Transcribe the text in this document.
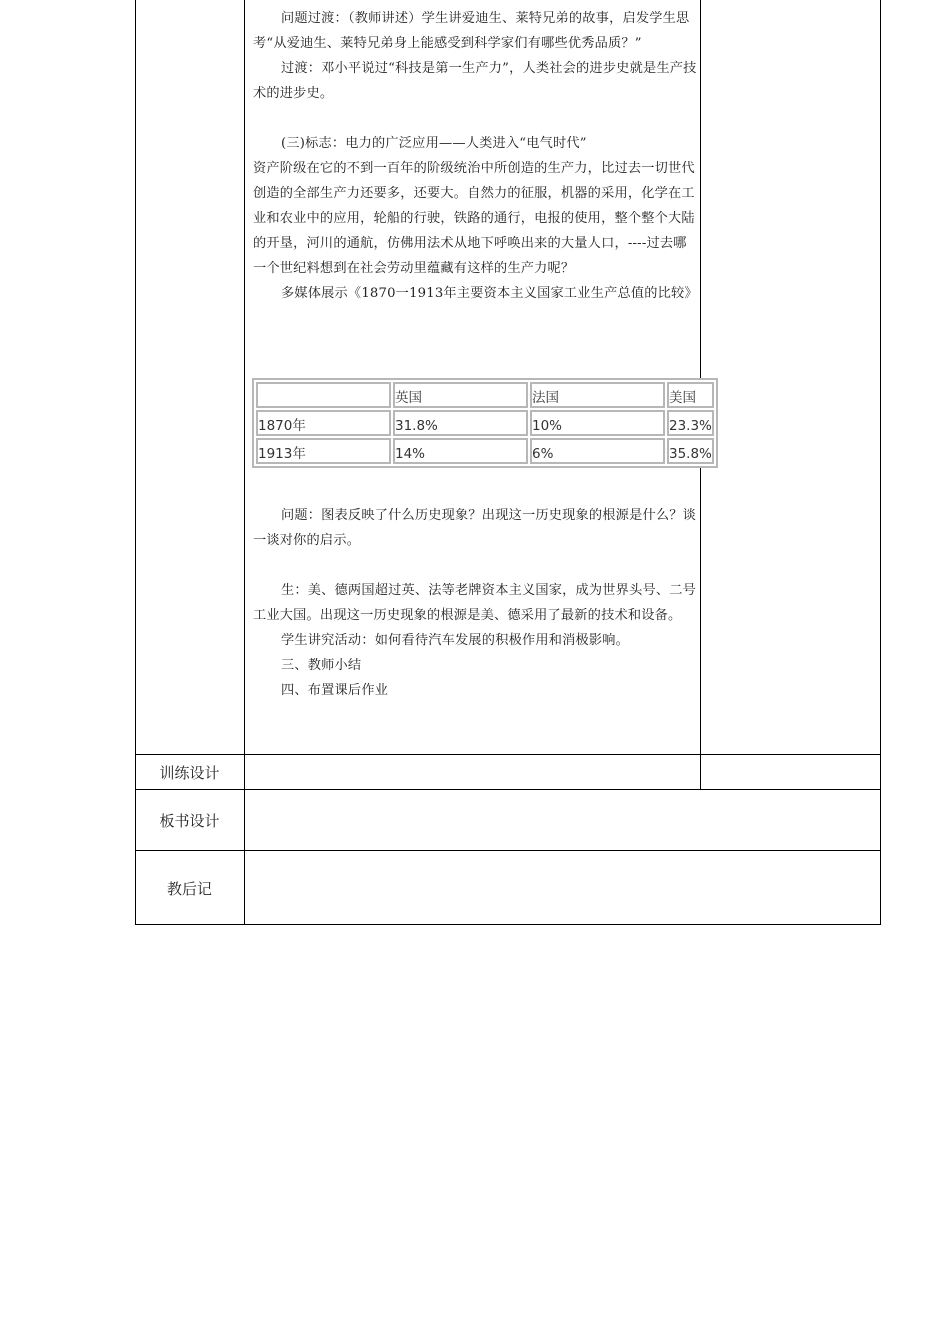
问题过渡：（教师讲述）学生讲爱迪生、莱特兄弟的故事，启发学生思考“从爱迪生、莱特兄弟身上能感受到科学家们有哪些优秀品质？”

过渡：邓小平说过“科技是第一生产力”，人类社会的进步史就是生产技术的进步史。

(三)标志：电力的广泛应用——人类进入“电气时代”

资产阶级在它的不到一百年的阶级统治中所创造的生产力，比过去一切世代创造的全部生产力还要多，还要大。自然力的征服，机器的采用，化学在工业和农业中的应用，轮船的行驶，铁路的通行，电报的使用，整个整个大陆的开垦，河川的通航，仿佛用法术从地下呼唤出来的大量人口，----过去哪一个世纪料想到在社会劳动里蕴藏有这样的生产力呢？

多媒体展示《1870一1913年主要资本主义国家工业生产总值的比较》

	英国	法国	美国
1870年	31.8%	10%	23.3%
1913年	14%	6%	35.8%

问题：图表反映了什么历史现象？出现这一历史现象的根源是什么？谈一谈对你的启示。

生：美、德两国超过英、法等老牌资本主义国家，成为世界头号、二号工业大国。出现这一历史现象的根源是美、德采用了最新的技术和设备。

学生讲究活动：如何看待汽车发展的积极作用和消极影响。

三、教师小结

四、布置课后作业

训练设计
板书设计
教后记
